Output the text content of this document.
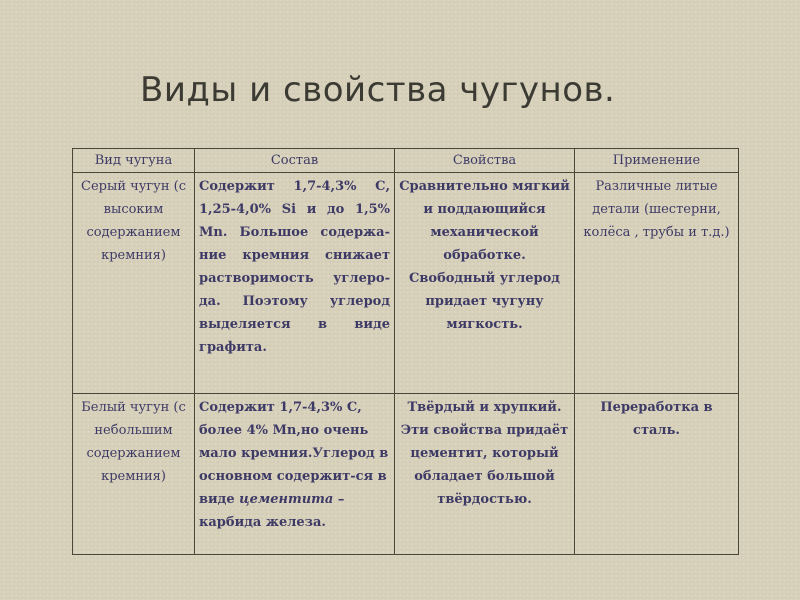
Виды и свойства чугунов.
Вид чугуна	Состав	Свойства	Применение
Серый чугун (с высоким содержанием кремния)	Содержит 1,7-4,3% С, 1,25-4,0% Si и до 1,5% Mn. Большое содержа-ние кремния снижает растворимость углеро-да. Поэтому углерод выделяется в виде графита.	Сравнительно мягкий и поддающийся механической обработке. Свободный углерод придает чугуну мягкость.	Различные литые детали (шестерни, колёса , трубы и т.д.)
Белый чугун (с небольшим содержанием кремния)	Содержит 1,7-4,3% С, более 4% Mn,но очень мало кремния.Углерод в основном содержит-ся в виде цементита – карбида железа.	Твёрдый и хрупкий. Эти свойства придаёт цементит, который обладает большой твёрдостью.	Переработка в сталь.
